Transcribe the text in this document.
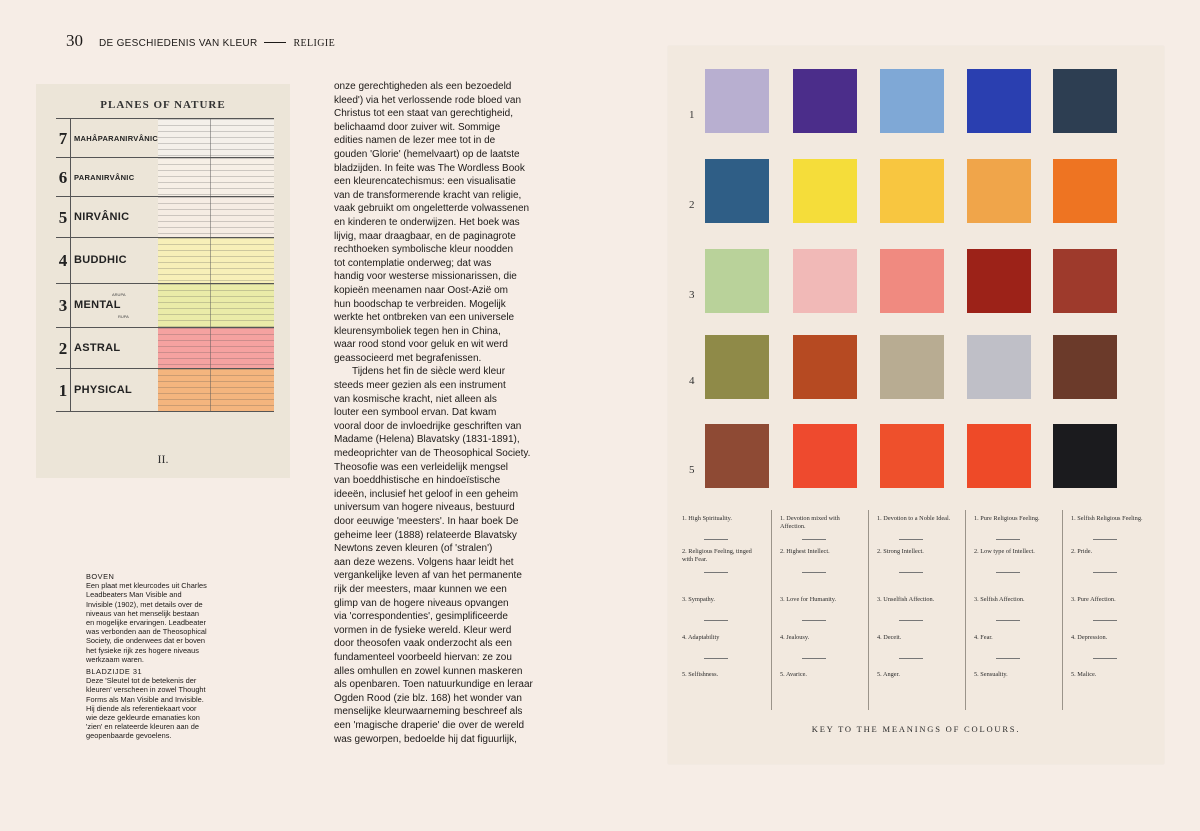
30 DE GESCHIEDENIS VAN KLEUR	RELIGIE
PLANES OF NATURE
7 MAHÂPARANIRVÂNIC
6 PARANIRVÂNIC
5 NIRVÂNIC
4 BUDDHIC
3 MENTAL
ARUPA
RUPA
2 ASTRAL
1 PHYSICAL
II.
BOVEN
Een plaat met kleurcodes uit Charles
Leadbeaters Man Visible and
Invisible (1902), met details over de
niveaus van het menselijk bestaan
en mogelijke ervaringen. Leadbeater
was verbonden aan de Theosophical
Society, die onderwees dat er boven
het fysieke rijk zes hogere niveaus
werkzaam waren.
BLADZIJDE 31
Deze 'Sleutel tot de betekenis der
kleuren' verscheen in zowel Thought
Forms als Man Visible and Invisible.
Hij diende als referentiekaart voor
wie deze gekleurde emanaties kon
'zien' en relateerde kleuren aan de
geopenbaarde gevoelens.
onze gerechtigheden als een bezoedeld
kleed') via het verlossende rode bloed van
Christus tot een staat van gerechtigheid,
belichaamd door zuiver wit. Sommige
edities namen de lezer mee tot in de
gouden 'Glorie' (hemelvaart) op de laatste
bladzijden. In feite was The Wordless Book
een kleurencatechismus: een visualisatie
van de transformerende kracht van religie,
vaak gebruikt om ongeletterde volwassenen
en kinderen te onderwijzen. Het boek was
lijvig, maar draagbaar, en de paginagrote
rechthoeken symbolische kleur noodden
tot contemplatie onderweg; dat was
handig voor westerse missionarissen, die
kopieën meenamen naar Oost-Azië om
hun boodschap te verbreiden. Mogelijk
werkte het ontbreken van een universele
kleurensymboliek tegen hen in China,
waar rood stond voor geluk en wit werd
geassocieerd met begrafenissen.
Tijdens het fin de siècle werd kleur
steeds meer gezien als een instrument
van kosmische kracht, niet alleen als
louter een symbool ervan. Dat kwam
vooral door de invloedrijke geschriften van
Madame (Helena) Blavatsky (1831-1891),
medeoprichter van de Theosophical Society.
Theosofie was een verleidelijk mengsel
van boeddhistische en hindoeïstische
ideeën, inclusief het geloof in een geheim
universum van hogere niveaus, bestuurd
door eeuwige 'meesters'. In haar boek De
geheime leer (1888) relateerde Blavatsky
Newtons zeven kleuren (of 'stralen')
aan deze wezens. Volgens haar leidt het
vergankelijke leven af van het permanente
rijk der meesters, maar kunnen we een
glimp van de hogere niveaus opvangen
via 'correspondenties', gesimplificeerde
vormen in de fysieke wereld. Kleur werd
door theosofen vaak onderzocht als een
fundamenteel voorbeeld hiervan: ze zou
alles omhullen en zowel kunnen maskeren
als openbaren. Toen natuurkundige en leraar
Ogden Rood (zie blz. 168) het wonder van
menselijke kleurwaarneming beschreef als
een 'magische draperie' die over de wereld
was geworpen, bedoelde hij dat figuurlijk,
1. High Spirituality.
2. Religious Feeling, tinged with Fear.
3. Sympathy.
4. Adaptability
5. Selfishness.
1. Devotion mixed with Affection.
2. Highest Intellect.
3. Love for Humanity.
4. Jealousy.
5. Avarice.
1. Devotion to a Noble Ideal.
2. Strong Intellect.
3. Unselfish Affection.
4. Deceit.
5. Anger.
1. Pure Religious Feeling.
2. Low type of Intellect.
3. Selfish Affection.
4. Fear.
5. Sensuality.
1. Selfish Religious Feeling.
2. Pride.
3. Pure Affection.
4. Depression.
5. Malice.
KEY TO THE MEANINGS OF COLOURS.
1
2
3
4
5
